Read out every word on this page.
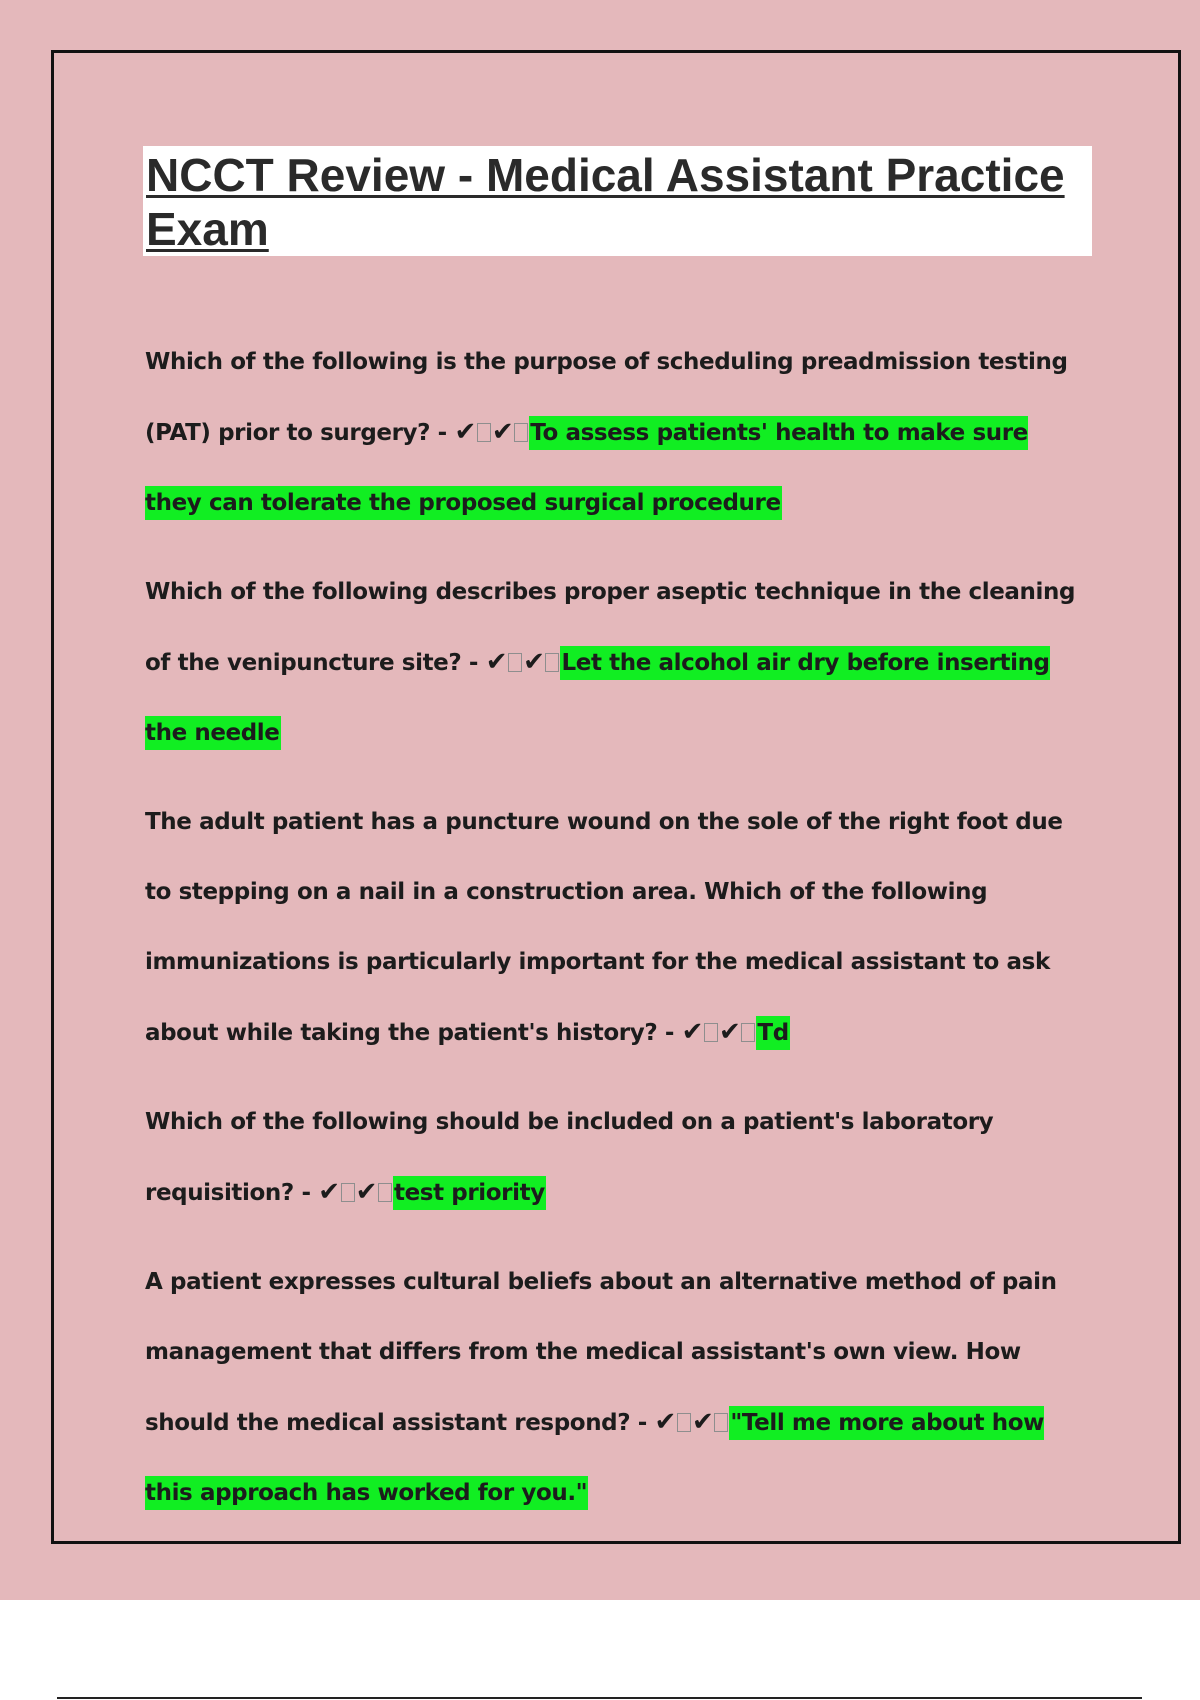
NCCT Review - Medical Assistant Practice Exam

Which of the following is the purpose of scheduling preadmission testing (PAT) prior to surgery? - ✔ ✔ To assess patients' health to make sure they can tolerate the proposed surgical procedure

Which of the following describes proper aseptic technique in the cleaning of the venipuncture site? - ✔ ✔ Let the alcohol air dry before inserting the needle

The adult patient has a puncture wound on the sole of the right foot due to stepping on a nail in a construction area. Which of the following immunizations is particularly important for the medical assistant to ask about while taking the patient's history? - ✔ ✔ Td

Which of the following should be included on a patient's laboratory requisition? - ✔ ✔ test priority

A patient expresses cultural beliefs about an alternative method of pain management that differs from the medical assistant's own view. How should the medical assistant respond? - ✔ ✔ "Tell me more about how this approach has worked for you."
